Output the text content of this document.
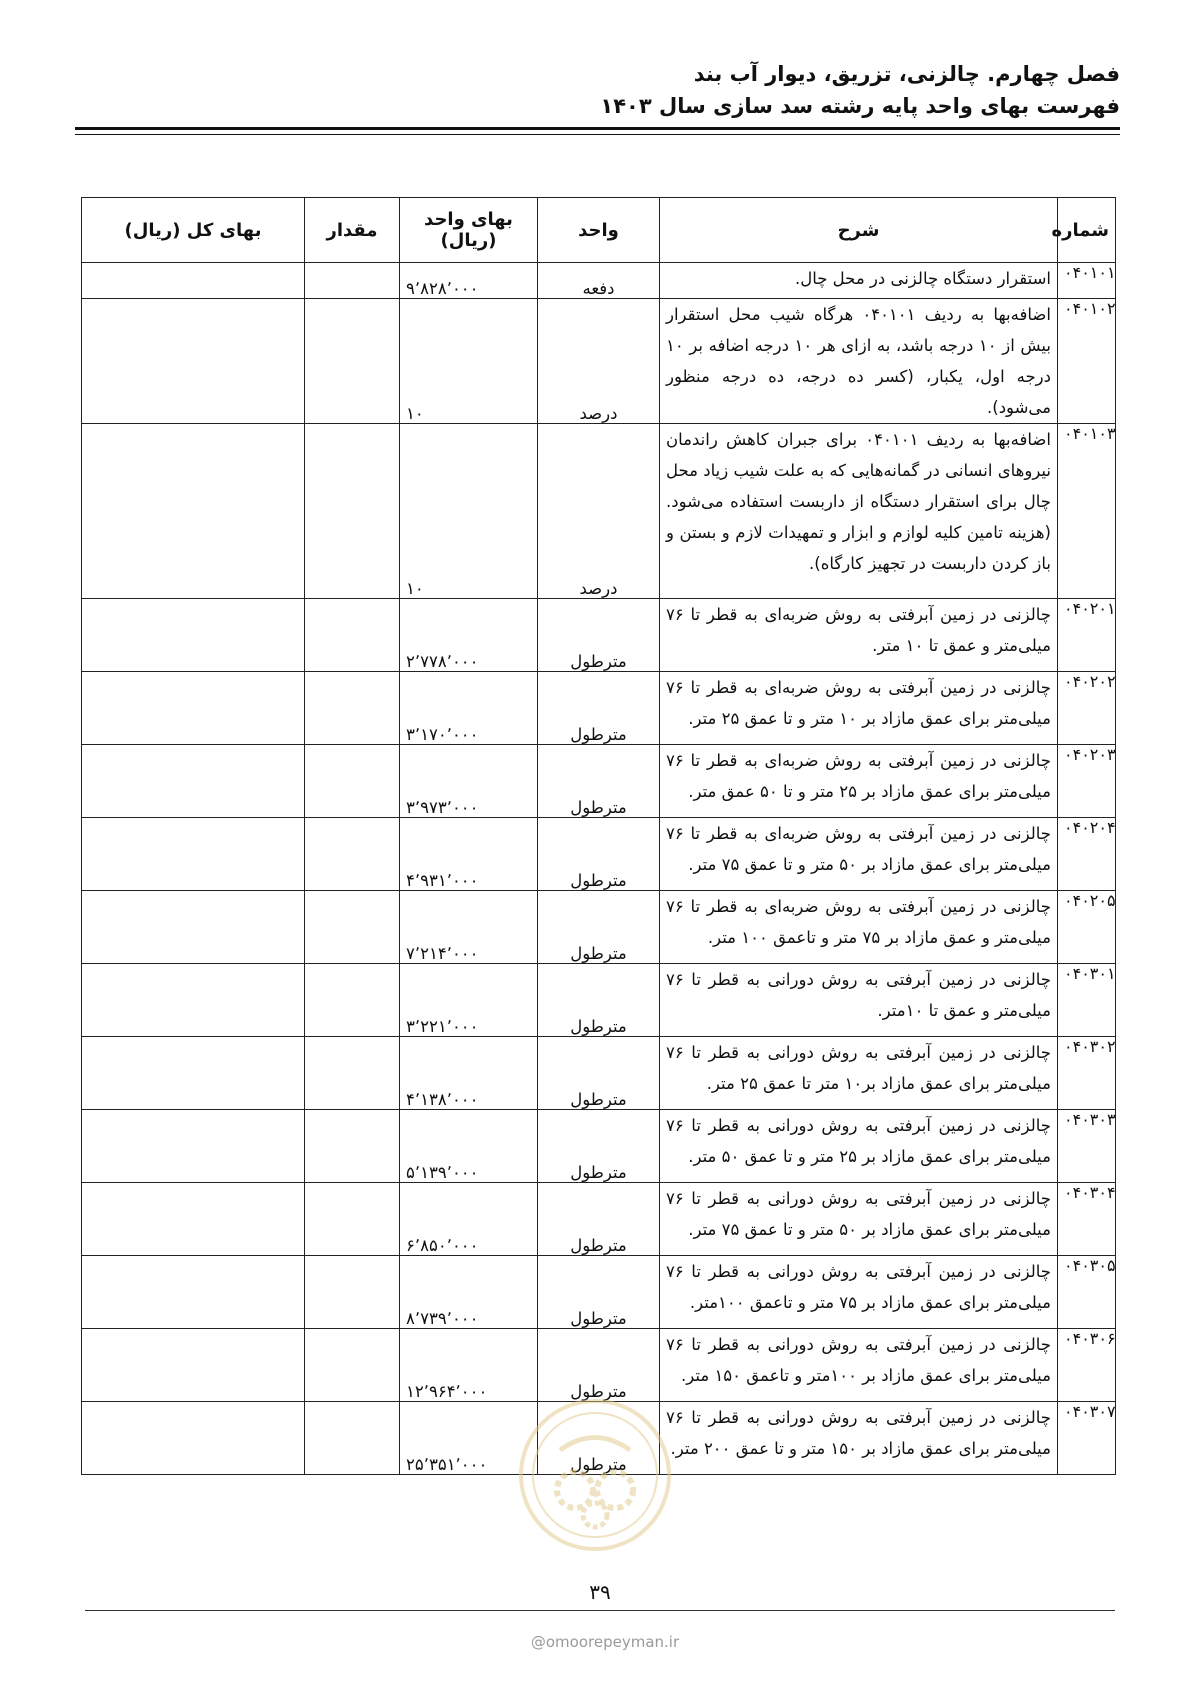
فصل چهارم. چالزنی، تزریق، دیوار آب بند
فهرست بهای واحد پایه رشته سد سازی سال ۱۴۰۳
شماره	شرح	واحد	بهای واحد (ریال)	مقدار	بهای کل (ریال)
۰۴۰۱۰۱	استقرار دستگاه چالزنی در محل چال.	دفعه	۹٬۸۲۸٬۰۰۰		
۰۴۰۱۰۲	اضافه‌بها به ردیف ۰۴۰۱۰۱ هرگاه شیب محل استقرار بیش از ۱۰ درجه باشد، به ازای هر ۱۰ درجه اضافه بر ۱۰ درجه اول، یکبار، (کسر ده درجه، ده درجه منظور می‌شود).	درصد	۱۰		
۰۴۰۱۰۳	اضافه‌بها به ردیف ۰۴۰۱۰۱ برای جبران کاهش راندمان نیروهای انسانی در گمانه‌هایی که به علت شیب زیاد محل چال برای استقرار دستگاه از داربست استفاده می‌شود. (هزینه تامین کلیه لوازم و ابزار و تمهیدات لازم و بستن و باز کردن داربست در تجهیز کارگاه).	درصد	۱۰		
۰۴۰۲۰۱	چالزنی در زمین آبرفتی به روش ضربه‌ای به قطر تا ۷۶ میلی‌متر و عمق تا ۱۰ متر.	مترطول	۲٬۷۷۸٬۰۰۰		
۰۴۰۲۰۲	چالزنی در زمین آبرفتی به روش ضربه‌ای به قطر تا ۷۶ میلی‌متر برای عمق مازاد بر ۱۰ متر و تا عمق ۲۵ متر.	مترطول	۳٬۱۷۰٬۰۰۰		
۰۴۰۲۰۳	چالزنی در زمین آبرفتی به روش ضربه‌ای به قطر تا ۷۶ میلی‌متر برای عمق مازاد بر ۲۵ متر و تا ۵۰ عمق متر.	مترطول	۳٬۹۷۳٬۰۰۰		
۰۴۰۲۰۴	چالزنی در زمین آبرفتی به روش ضربه‌ای به قطر تا ۷۶ میلی‌متر برای عمق مازاد بر ۵۰ متر و تا عمق ۷۵ متر.	مترطول	۴٬۹۳۱٬۰۰۰		
۰۴۰۲۰۵	چالزنی در زمین آبرفتی به روش ضربه‌ای به قطر تا ۷۶ میلی‌متر و عمق مازاد بر ۷۵ متر و تاعمق ۱۰۰ متر.	مترطول	۷٬۲۱۴٬۰۰۰		
۰۴۰۳۰۱	چالزنی در زمین آبرفتی به روش دورانی به قطر تا ۷۶ میلی‌متر و عمق تا ۱۰متر.	مترطول	۳٬۲۲۱٬۰۰۰		
۰۴۰۳۰۲	چالزنی در زمین آبرفتی به روش دورانی به قطر تا ۷۶ میلی‌متر برای عمق مازاد بر۱۰ متر تا عمق ۲۵ متر.	مترطول	۴٬۱۳۸٬۰۰۰		
۰۴۰۳۰۳	چالزنی در زمین آبرفتی به روش دورانی به قطر تا ۷۶ میلی‌متر برای عمق مازاد بر ۲۵ متر و تا عمق ۵۰ متر.	مترطول	۵٬۱۳۹٬۰۰۰		
۰۴۰۳۰۴	چالزنی در زمین آبرفتی به روش دورانی به قطر تا ۷۶ میلی‌متر برای عمق مازاد بر ۵۰ متر و تا عمق ۷۵ متر.	مترطول	۶٬۸۵۰٬۰۰۰		
۰۴۰۳۰۵	چالزنی در زمین آبرفتی به روش دورانی به قطر تا ۷۶ میلی‌متر برای عمق مازاد بر ۷۵ متر و تاعمق ۱۰۰متر.	مترطول	۸٬۷۳۹٬۰۰۰		
۰۴۰۳۰۶	چالزنی در زمین آبرفتی به روش دورانی به قطر تا ۷۶ میلی‌متر برای عمق مازاد بر ۱۰۰متر و تاعمق ۱۵۰ متر.	مترطول	۱۲٬۹۶۴٬۰۰۰		
۰۴۰۳۰۷	چالزنی در زمین آبرفتی به روش دورانی به قطر تا ۷۶ میلی‌متر برای عمق مازاد بر ۱۵۰ متر و تا عمق ۲۰۰ متر.	مترطول	۲۵٬۳۵۱٬۰۰۰		
۳۹
@omoorepeyman.ir
